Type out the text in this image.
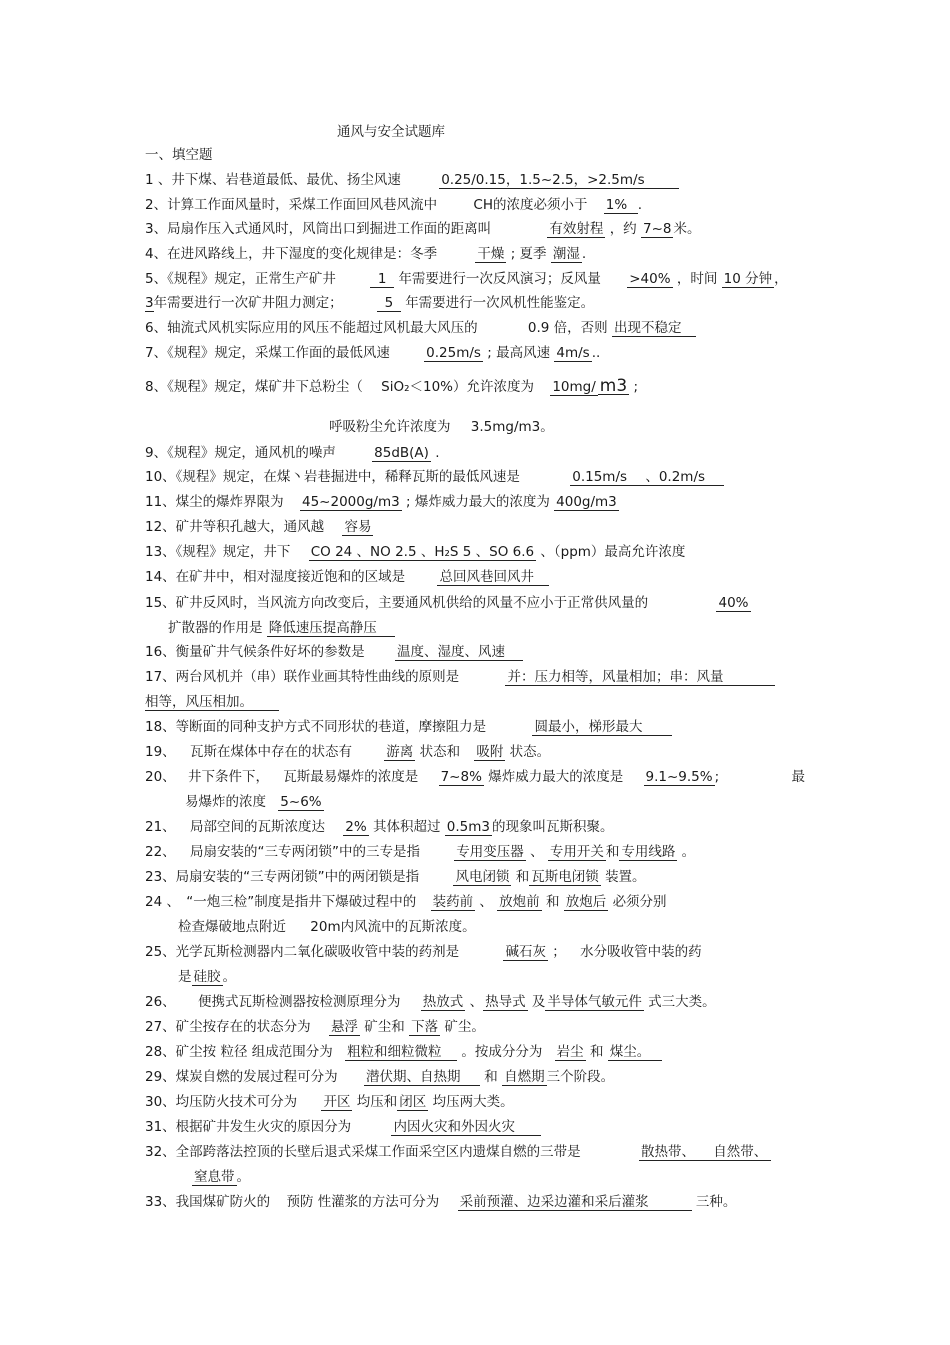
通风与安全试题库
一、填空题
1 、井下煤、岩巷道最低、最优、扬尘风速	0.25/0.15，1.5~2.5，>2.5m/s
2、计算工作面风量时，采煤工作面回风巷风流中	CH的浓度必须小于 1% .
3、局扇作压入式通风时，风筒出口到掘进工作面的距离叫	有效射程 ，约 7~8 米。
4、在进风路线上，井下湿度的变化规律是：冬季	干燥 ; 夏季 潮湿 .
5、《规程》规定，正常生产矿井	1 年需要进行一次反风演习；反风量 >40% ，时间 10 分钟 ，
3年需要进行一次矿井阻力测定；	5 年需要进行一次风机性能鉴定。
6、轴流式风机实际应用的风压不能超过风机最大风压的	0.9 倍，否则 出现不稳定
7、《规程》规定，采煤工作面的最低风速	0.25m/s ; 最高风速 4m/s ..
8、《规程》规定，煤矿井下总粉尘（ SiO₂＜10%）允许浓度为 10mg/ m3 ;
呼吸粉尘允许浓度为 3.5mg/m3。
9、《规程》规定，通风机的噪声	85dB(A) .
10、《规程》规定，在煤丶岩巷掘进中，稀释瓦斯的最低风速是	0.15m/s 、0.2m/s
11、煤尘的爆炸界限为 45~2000g/m3 ; 爆炸威力最大的浓度为 400g/m3
12、矿井等积孔越大，通风越 容易
13、《规程》规定，井下 CO 24 、NO 2.5 、H₂S 5 、SO 6.6 、（ppm）最高允许浓度
14、在矿井中，相对湿度接近饱和的区域是	总回风巷回风井
15、矿井反风时，当风流方向改变后，主要通风机供给的风量不应小于正常供风量的	40%
扩散器的作用是 降低速压提高静压
16、衡量矿井气候条件好坏的参数是 温度、湿度、风速
17、两台风机并（串）联作业画其特性曲线的原则是	并：压力相等，风量相加；串：风量
相等，风压相加。
18、等断面的同种支护方式不同形状的巷道，摩擦阻力是	圆最小，梯形最大
19、 瓦斯在煤体中存在的状态有	游离 状态和 吸附 状态。
20、 井下条件下， 瓦斯最易爆炸的浓度是 7~8% 爆炸威力最大的浓度是 9.1~9.5% ;	最
易爆炸的浓度 5~6%
21、 局部空间的瓦斯浓度达 2% 其体积超过 0.5m3 的现象叫瓦斯积聚。
22、 局扇安装的“三专两闭锁”中的三专是指	专用变压器 、 专用开关 和 专用线路 。
23、局扇安装的“三专两闭锁”中的两闭锁是指	风电闭锁 和 瓦斯电闭锁 装置。
24 、 “一炮三检”制度是指井下爆破过程中的 装药前 、 放炮前 和 放炮后 必须分别
检查爆破地点附近 20m内风流中的瓦斯浓度。
25、光学瓦斯检测器内二氧化碳吸收管中装的药剂是	碱石灰 ； 水分吸收管中装的药
是 硅胶 。
26、 便携式瓦斯检测器按检测原理分为 热放式 、 热导式 及 半导体气敏元件 式三大类。
27、矿尘按存在的状态分为 悬浮 矿尘和 下落 矿尘。
28、矿尘按 粒径 组成范围分为 粗粒和细粒微粒 。按成分分为 岩尘 和 煤尘。
29、煤炭自燃的发展过程可分为 潜伏期、自热期 和 自燃期 三个阶段。
30、均压防火技术可分为 开区 均压和 闭区 均压两大类。
31、根据矿井发生火灾的原因分为	内因火灾和外因火灾
32、全部跨落法控顶的长壁后退式采煤工作面采空区内遗煤自燃的三带是	散热带、 自然带、
窒息带 。
33、我国煤矿防火的 预防 性灌浆的方法可分为 采前预灌、边采边灌和采后灌浆	三种。
